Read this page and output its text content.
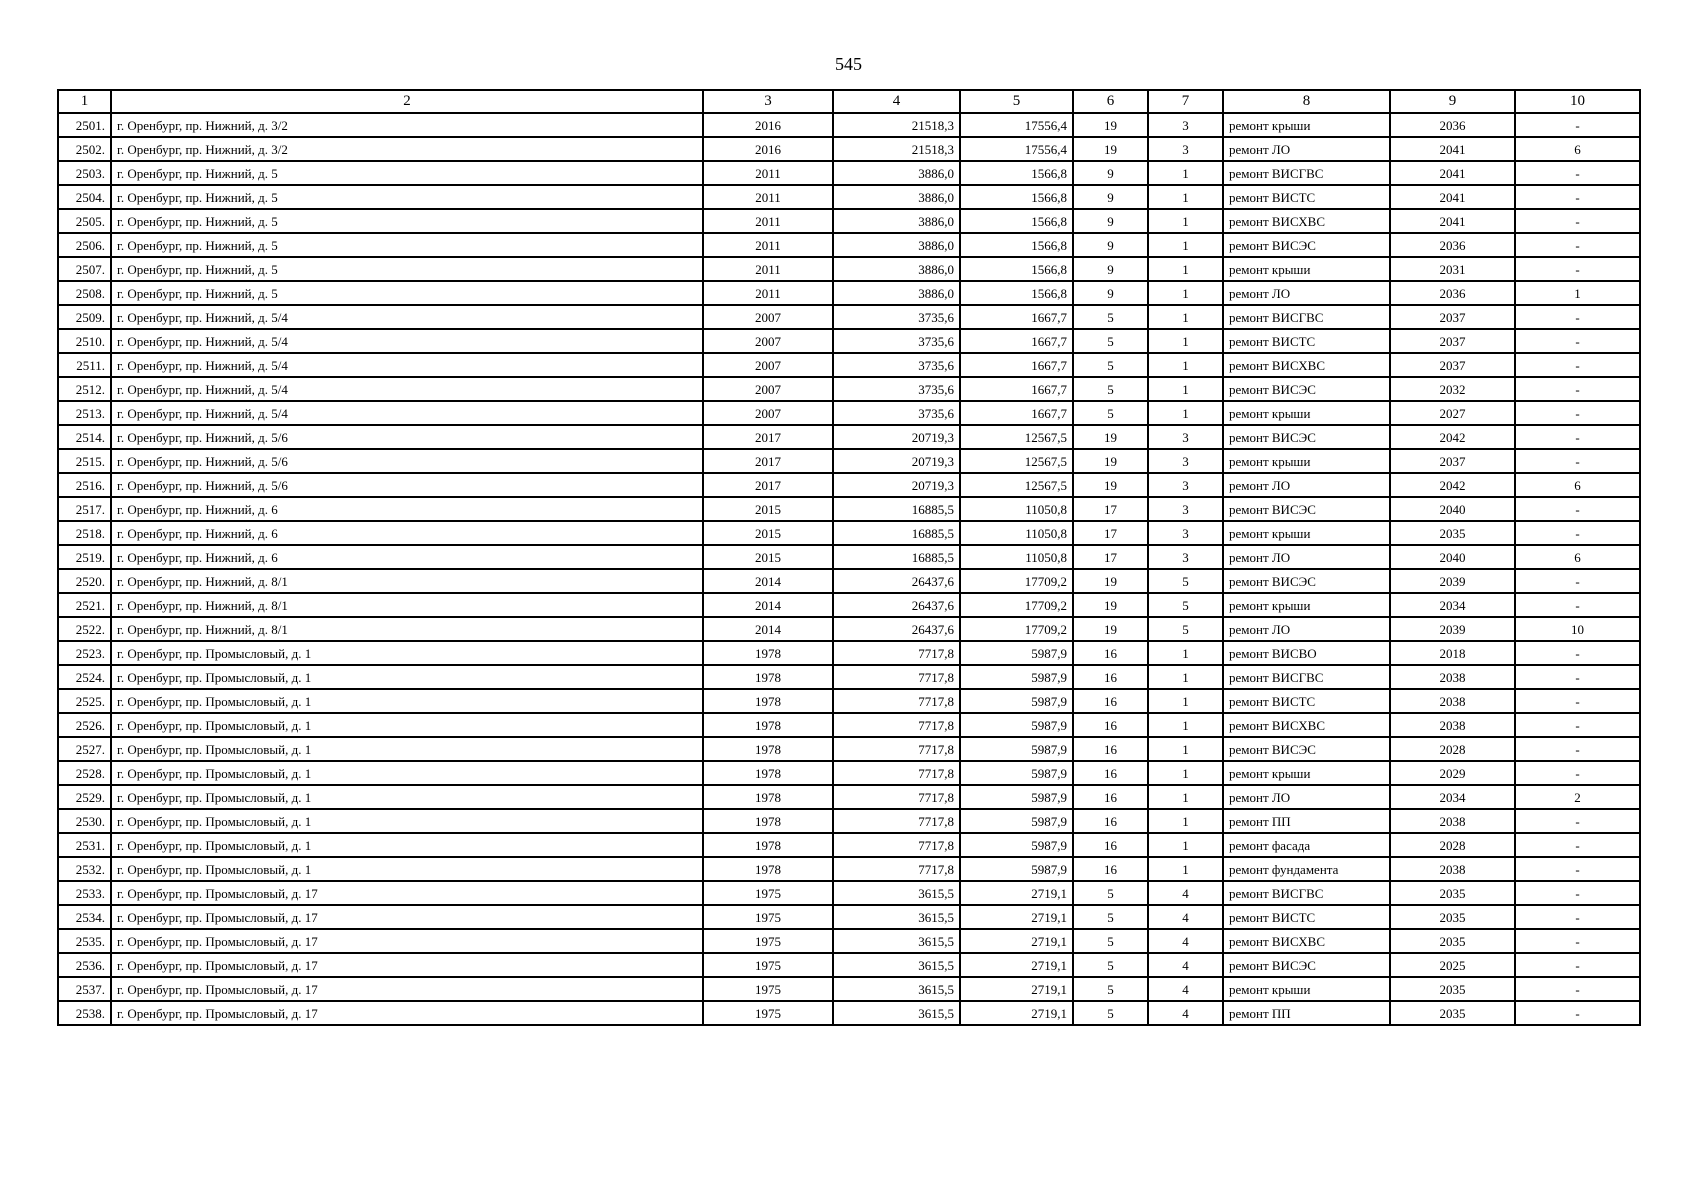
545
1	2	3	4	5	6	7	8	9	10
2501.	г. Оренбург, пр. Нижний, д. 3/2	2016	21518,3	17556,4	19	3	ремонт крыши	2036	-
2502.	г. Оренбург, пр. Нижний, д. 3/2	2016	21518,3	17556,4	19	3	ремонт ЛО	2041	6
2503.	г. Оренбург, пр. Нижний, д. 5	2011	3886,0	1566,8	9	1	ремонт ВИСГВС	2041	-
2504.	г. Оренбург, пр. Нижний, д. 5	2011	3886,0	1566,8	9	1	ремонт ВИСТС	2041	-
2505.	г. Оренбург, пр. Нижний, д. 5	2011	3886,0	1566,8	9	1	ремонт ВИСХВС	2041	-
2506.	г. Оренбург, пр. Нижний, д. 5	2011	3886,0	1566,8	9	1	ремонт ВИСЭС	2036	-
2507.	г. Оренбург, пр. Нижний, д. 5	2011	3886,0	1566,8	9	1	ремонт крыши	2031	-
2508.	г. Оренбург, пр. Нижний, д. 5	2011	3886,0	1566,8	9	1	ремонт ЛО	2036	1
2509.	г. Оренбург, пр. Нижний, д. 5/4	2007	3735,6	1667,7	5	1	ремонт ВИСГВС	2037	-
2510.	г. Оренбург, пр. Нижний, д. 5/4	2007	3735,6	1667,7	5	1	ремонт ВИСТС	2037	-
2511.	г. Оренбург, пр. Нижний, д. 5/4	2007	3735,6	1667,7	5	1	ремонт ВИСХВС	2037	-
2512.	г. Оренбург, пр. Нижний, д. 5/4	2007	3735,6	1667,7	5	1	ремонт ВИСЭС	2032	-
2513.	г. Оренбург, пр. Нижний, д. 5/4	2007	3735,6	1667,7	5	1	ремонт крыши	2027	-
2514.	г. Оренбург, пр. Нижний, д. 5/6	2017	20719,3	12567,5	19	3	ремонт ВИСЭС	2042	-
2515.	г. Оренбург, пр. Нижний, д. 5/6	2017	20719,3	12567,5	19	3	ремонт крыши	2037	-
2516.	г. Оренбург, пр. Нижний, д. 5/6	2017	20719,3	12567,5	19	3	ремонт ЛО	2042	6
2517.	г. Оренбург, пр. Нижний, д. 6	2015	16885,5	11050,8	17	3	ремонт ВИСЭС	2040	-
2518.	г. Оренбург, пр. Нижний, д. 6	2015	16885,5	11050,8	17	3	ремонт крыши	2035	-
2519.	г. Оренбург, пр. Нижний, д. 6	2015	16885,5	11050,8	17	3	ремонт ЛО	2040	6
2520.	г. Оренбург, пр. Нижний, д. 8/1	2014	26437,6	17709,2	19	5	ремонт ВИСЭС	2039	-
2521.	г. Оренбург, пр. Нижний, д. 8/1	2014	26437,6	17709,2	19	5	ремонт крыши	2034	-
2522.	г. Оренбург, пр. Нижний, д. 8/1	2014	26437,6	17709,2	19	5	ремонт ЛО	2039	10
2523.	г. Оренбург, пр. Промысловый, д. 1	1978	7717,8	5987,9	16	1	ремонт ВИСВО	2018	-
2524.	г. Оренбург, пр. Промысловый, д. 1	1978	7717,8	5987,9	16	1	ремонт ВИСГВС	2038	-
2525.	г. Оренбург, пр. Промысловый, д. 1	1978	7717,8	5987,9	16	1	ремонт ВИСТС	2038	-
2526.	г. Оренбург, пр. Промысловый, д. 1	1978	7717,8	5987,9	16	1	ремонт ВИСХВС	2038	-
2527.	г. Оренбург, пр. Промысловый, д. 1	1978	7717,8	5987,9	16	1	ремонт ВИСЭС	2028	-
2528.	г. Оренбург, пр. Промысловый, д. 1	1978	7717,8	5987,9	16	1	ремонт крыши	2029	-
2529.	г. Оренбург, пр. Промысловый, д. 1	1978	7717,8	5987,9	16	1	ремонт ЛО	2034	2
2530.	г. Оренбург, пр. Промысловый, д. 1	1978	7717,8	5987,9	16	1	ремонт ПП	2038	-
2531.	г. Оренбург, пр. Промысловый, д. 1	1978	7717,8	5987,9	16	1	ремонт фасада	2028	-
2532.	г. Оренбург, пр. Промысловый, д. 1	1978	7717,8	5987,9	16	1	ремонт фундамента	2038	-
2533.	г. Оренбург, пр. Промысловый, д. 17	1975	3615,5	2719,1	5	4	ремонт ВИСГВС	2035	-
2534.	г. Оренбург, пр. Промысловый, д. 17	1975	3615,5	2719,1	5	4	ремонт ВИСТС	2035	-
2535.	г. Оренбург, пр. Промысловый, д. 17	1975	3615,5	2719,1	5	4	ремонт ВИСХВС	2035	-
2536.	г. Оренбург, пр. Промысловый, д. 17	1975	3615,5	2719,1	5	4	ремонт ВИСЭС	2025	-
2537.	г. Оренбург, пр. Промысловый, д. 17	1975	3615,5	2719,1	5	4	ремонт крыши	2035	-
2538.	г. Оренбург, пр. Промысловый, д. 17	1975	3615,5	2719,1	5	4	ремонт ПП	2035	-
